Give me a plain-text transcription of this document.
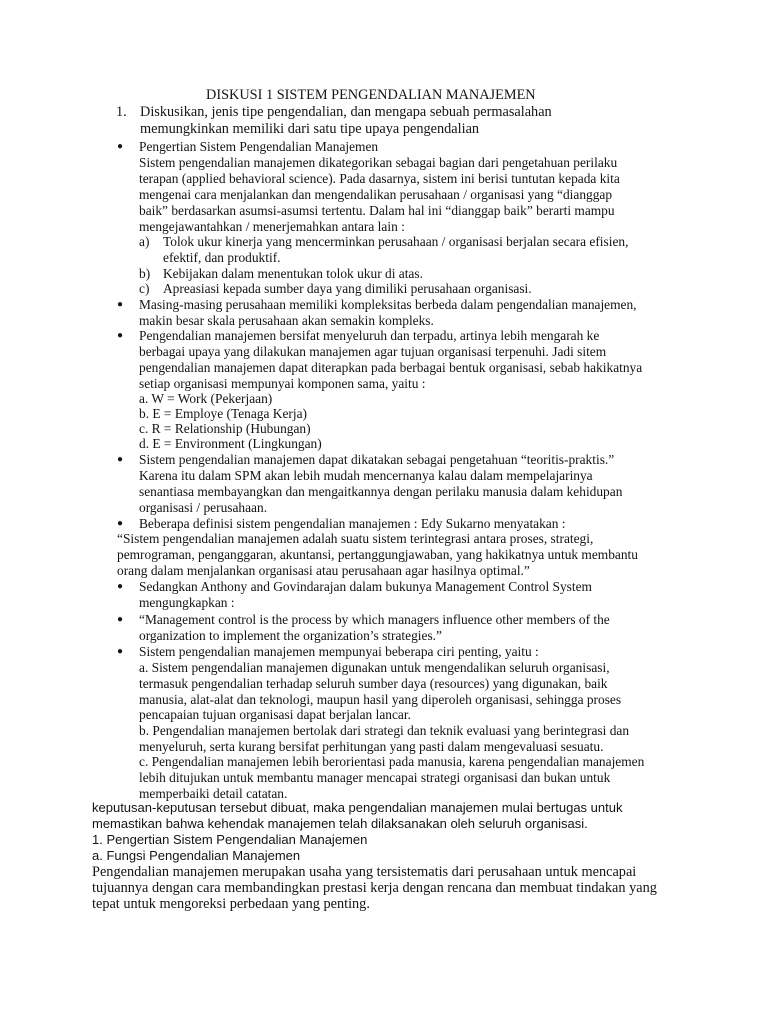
DISKUSI 1 SISTEM PENGENDALIAN MANAJEMEN
1. Diskusikan, jenis tipe pengendalian, dan mengapa sebuah permasalahan
memungkinkan memiliki dari satu tipe upaya pengendalian
● Pengertian Sistem Pengendalian Manajemen
Sistem pengendalian manajemen dikategorikan sebagai bagian dari pengetahuan perilaku
terapan (applied behavioral science). Pada dasarnya, sistem ini berisi tuntutan kepada kita
mengenai cara menjalankan dan mengendalikan perusahaan / organisasi yang “dianggap
baik” berdasarkan asumsi-asumsi tertentu. Dalam hal ini “dianggap baik” berarti mampu
mengejawantahkan / menerjemahkan antara lain :
a) Tolok ukur kinerja yang mencerminkan perusahaan / organisasi berjalan secara efisien,
efektif, dan produktif.
b) Kebijakan dalam menentukan tolok ukur di atas.
c) Apreasiasi kepada sumber daya yang dimiliki perusahaan organisasi.
● Masing-masing perusahaan memiliki kompleksitas berbeda dalam pengendalian manajemen,
makin besar skala perusahaan akan semakin kompleks.
● Pengendalian manajemen bersifat menyeluruh dan terpadu, artinya lebih mengarah ke
berbagai upaya yang dilakukan manajemen agar tujuan organisasi terpenuhi. Jadi sitem
pengendalian manajemen dapat diterapkan pada berbagai bentuk organisasi, sebab hakikatnya
setiap organisasi mempunyai komponen sama, yaitu :
a. W = Work (Pekerjaan)
b. E = Employe (Tenaga Kerja)
c. R = Relationship (Hubungan)
d. E = Environment (Lingkungan)
● Sistem pengendalian manajemen dapat dikatakan sebagai pengetahuan “teoritis-praktis.”
Karena itu dalam SPM akan lebih mudah mencernanya kalau dalam mempelajarinya
senantiasa membayangkan dan mengaitkannya dengan perilaku manusia dalam kehidupan
organisasi / perusahaan.
● Beberapa definisi sistem pengendalian manajemen : Edy Sukarno menyatakan :
“Sistem pengendalian manajemen adalah suatu sistem terintegrasi antara proses, strategi,
pemrograman, penganggaran, akuntansi, pertanggungjawaban, yang hakikatnya untuk membantu
orang dalam menjalankan organisasi atau perusahaan agar hasilnya optimal.”
● Sedangkan Anthony and Govindarajan dalam bukunya Management Control System
mengungkapkan :
● “Management control is the process by which managers influence other members of the
organization to implement the organization’s strategies.”
● Sistem pengendalian manajemen mempunyai beberapa ciri penting, yaitu :
a. Sistem pengendalian manajemen digunakan untuk mengendalikan seluruh organisasi,
termasuk pengendalian terhadap seluruh sumber daya (resources) yang digunakan, baik
manusia, alat-alat dan teknologi, maupun hasil yang diperoleh organisasi, sehingga proses
pencapaian tujuan organisasi dapat berjalan lancar.
b. Pengendalian manajemen bertolak dari strategi dan teknik evaluasi yang berintegrasi dan
menyeluruh, serta kurang bersifat perhitungan yang pasti dalam mengevaluasi sesuatu.
c. Pengendalian manajemen lebih berorientasi pada manusia, karena pengendalian manajemen
lebih ditujukan untuk membantu manager mencapai strategi organisasi dan bukan untuk
memperbaiki detail catatan.
keputusan-keputusan tersebut dibuat, maka pengendalian manajemen mulai bertugas untuk
memastikan bahwa kehendak manajemen telah dilaksanakan oleh seluruh organisasi.
1. Pengertian Sistem Pengendalian Manajemen
a. Fungsi Pengendalian Manajemen
Pengendalian manajemen merupakan usaha yang tersistematis dari perusahaan untuk mencapai
tujuannya dengan cara membandingkan prestasi kerja dengan rencana dan membuat tindakan yang
tepat untuk mengoreksi perbedaan yang penting.
